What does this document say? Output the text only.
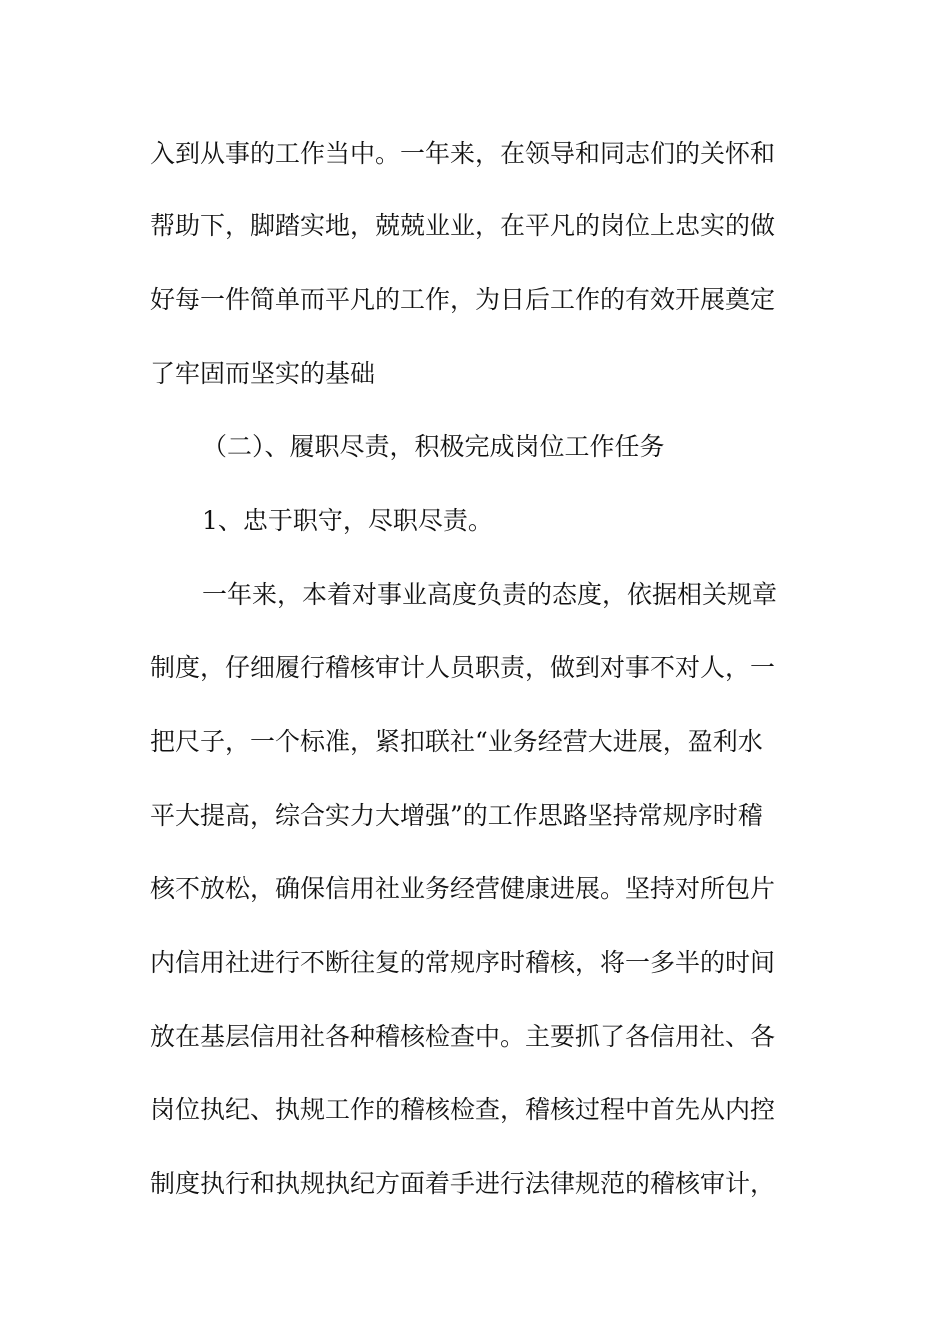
入到从事的工作当中。一年来，在领导和同志们的关怀和
帮助下，脚踏实地，兢兢业业，在平凡的岗位上忠实的做
好每一件简单而平凡的工作，为日后工作的有效开展奠定
了牢固而坚实的基础
（二）、履职尽责，积极完成岗位工作任务
1、忠于职守，尽职尽责。
一年来，本着对事业高度负责的态度，依据相关规章
制度，仔细履行稽核审计人员职责，做到对事不对人，一
把尺子，一个标准，紧扣联社“业务经营大进展，盈利水
平大提高，综合实力大增强”的工作思路坚持常规序时稽
核不放松，确保信用社业务经营健康进展。坚持对所包片
内信用社进行不断往复的常规序时稽核，将一多半的时间
放在基层信用社各种稽核检查中。主要抓了各信用社、各
岗位执纪、执规工作的稽核检查，稽核过程中首先从内控
制度执行和执规执纪方面着手进行法律规范的稽核审计，
